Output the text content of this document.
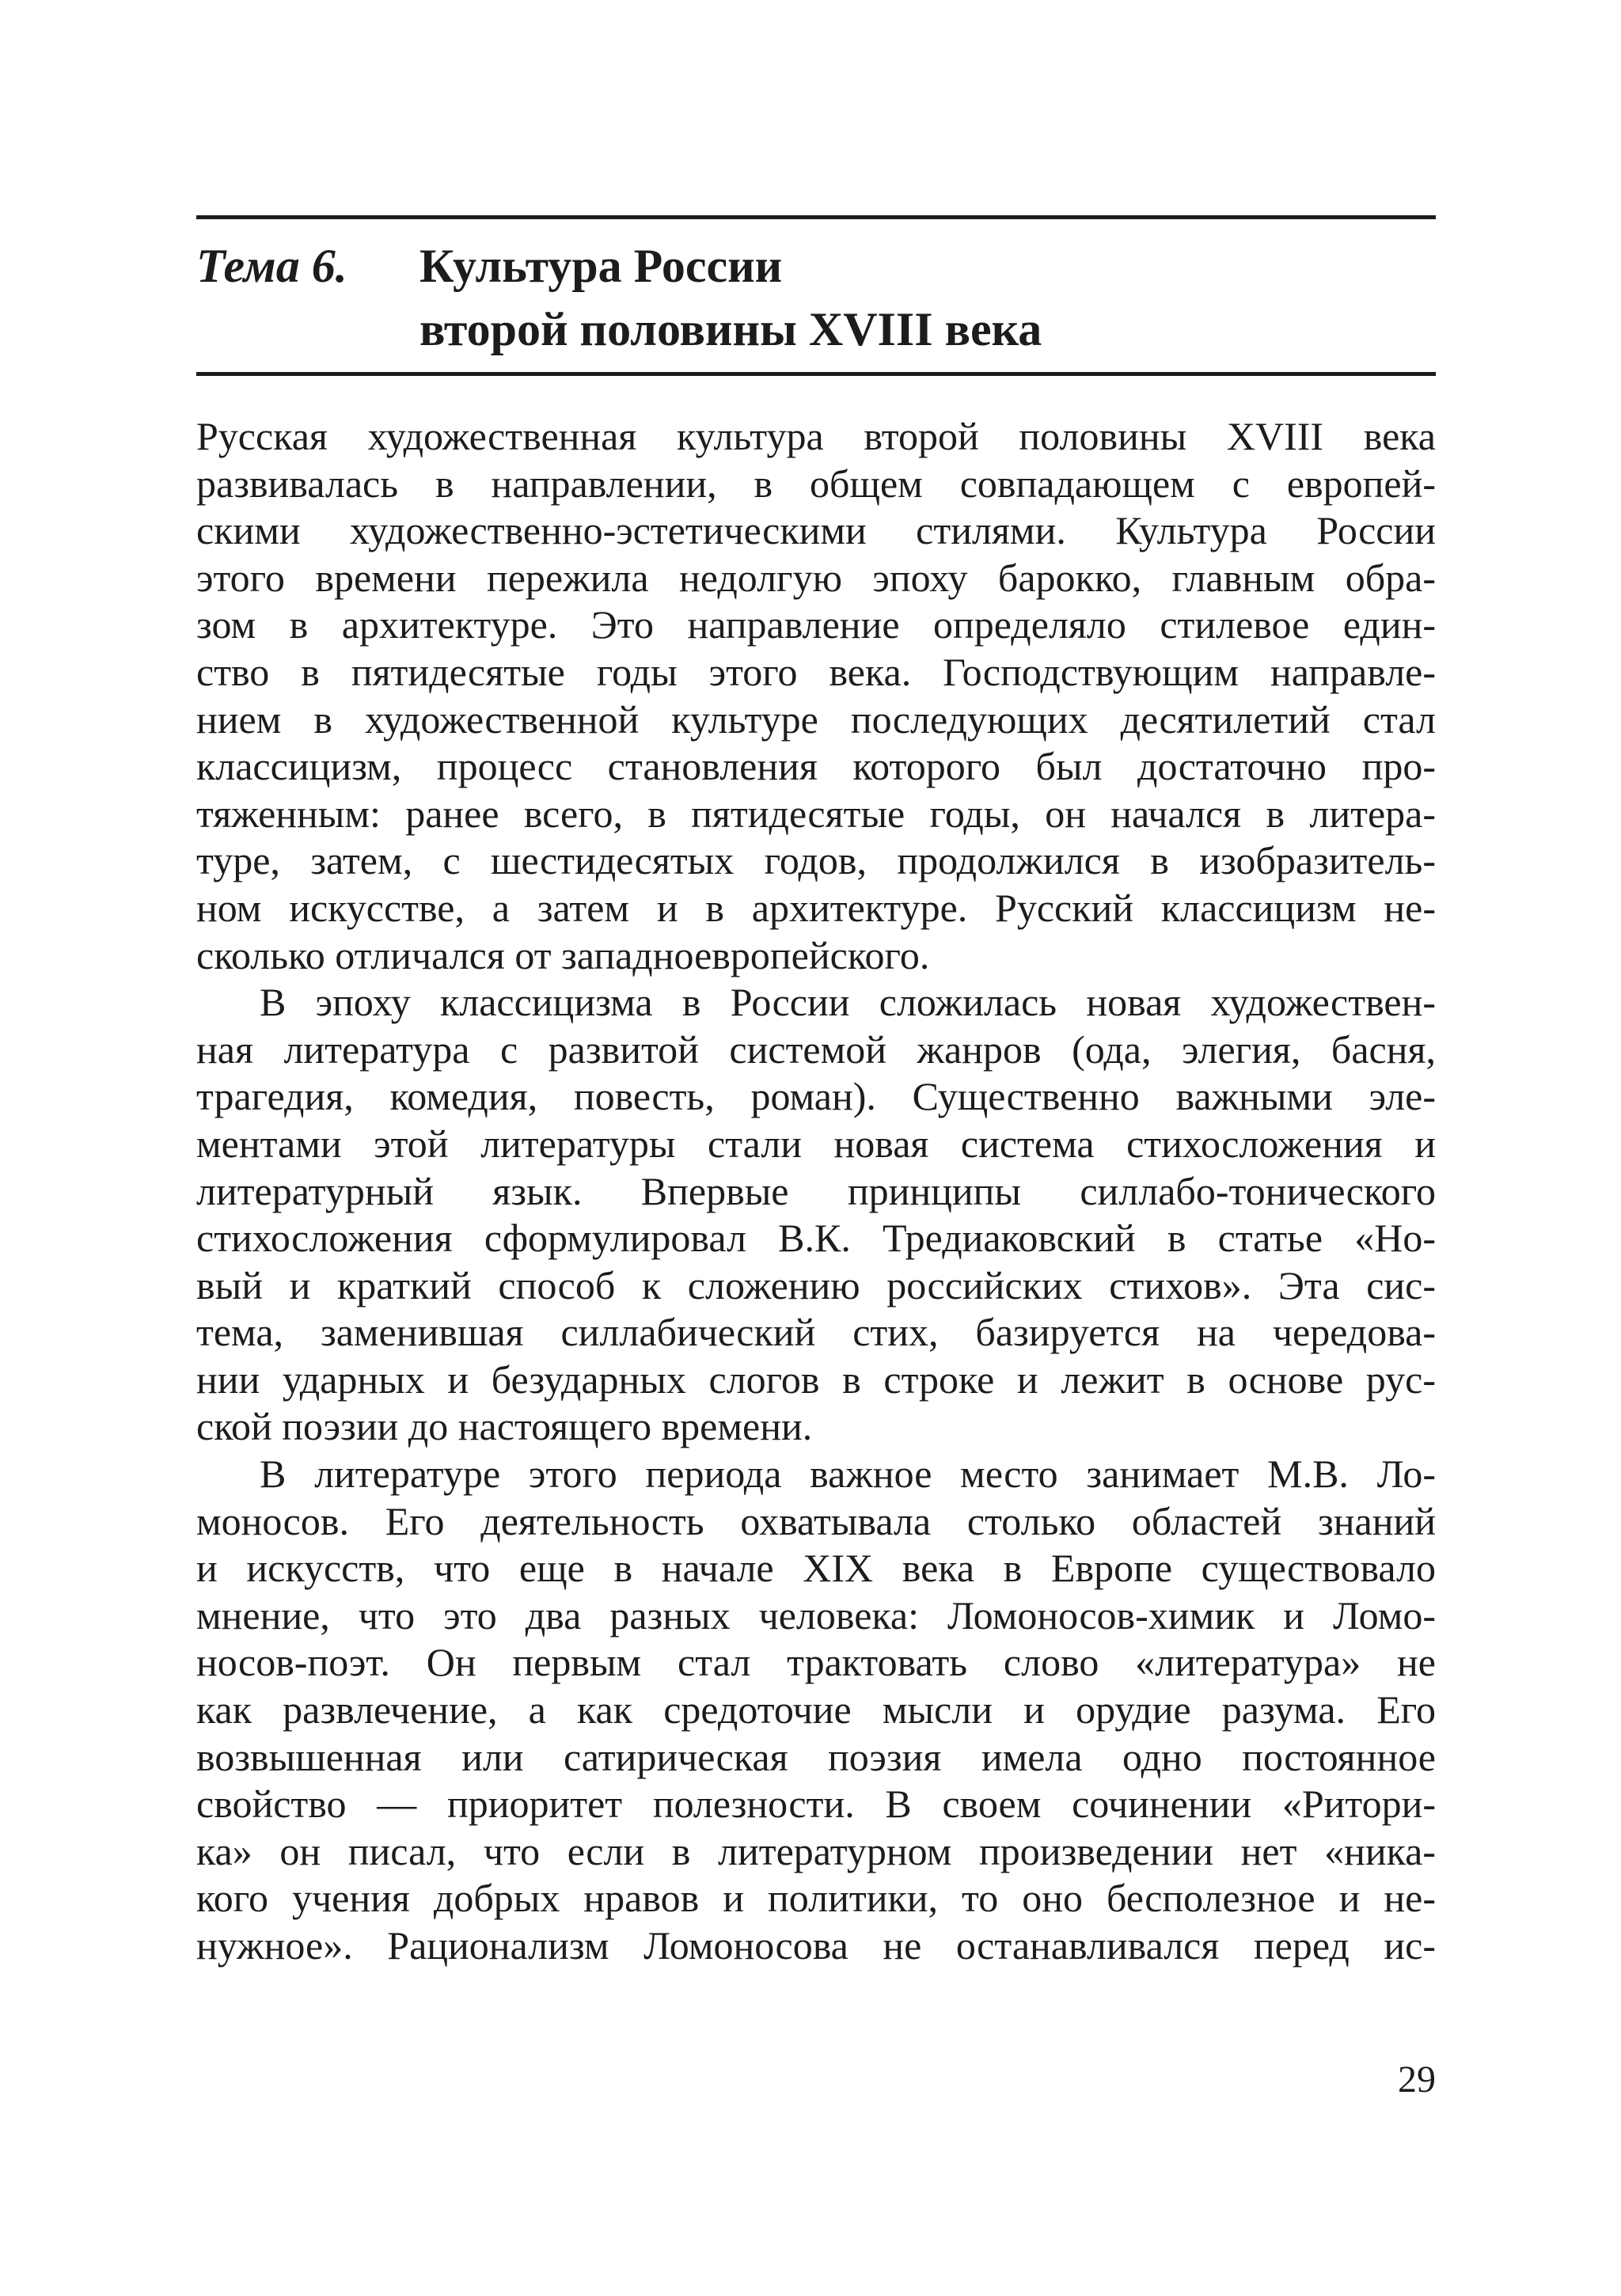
Тема 6. Культура России
второй половины XVIII века
Русская художественная культура второй половины XVIII века
развивалась в направлении, в общем совпадающем с европей-
скими художественно-эстетическими стилями. Культура России
этого времени пережила недолгую эпоху барокко, главным обра-
зом в архитектуре. Это направление определяло стилевое един-
ство в пятидесятые годы этого века. Господствующим направле-
нием в художественной культуре последующих десятилетий стал
классицизм, процесс становления которого был достаточно про-
тяженным: ранее всего, в пятидесятые годы, он начался в литера-
туре, затем, с шестидесятых годов, продолжился в изобразитель-
ном искусстве, а затем и в архитектуре. Русский классицизм не-
сколько отличался от западноевропейского.
В эпоху классицизма в России сложилась новая художествен-
ная литература с развитой системой жанров (ода, элегия, басня,
трагедия, комедия, повесть, роман). Существенно важными эле-
ментами этой литературы стали новая система стихосложения и
литературный язык. Впервые принципы силлабо-тонического
стихосложения сформулировал В.К. Тредиаковский в статье «Но-
вый и краткий способ к сложению российских стихов». Эта сис-
тема, заменившая силлабический стих, базируется на чередова-
нии ударных и безударных слогов в строке и лежит в основе рус-
ской поэзии до настоящего времени.
В литературе этого периода важное место занимает М.В. Ло-
моносов. Его деятельность охватывала столько областей знаний
и искусств, что еще в начале XIX века в Европе существовало
мнение, что это два разных человека: Ломоносов-химик и Ломо-
носов-поэт. Он первым стал трактовать слово «литература» не
как развлечение, а как средоточие мысли и орудие разума. Его
возвышенная или сатирическая поэзия имела одно постоянное
свойство — приоритет полезности. В своем сочинении «Ритори-
ка» он писал, что если в литературном произведении нет «ника-
кого учения добрых нравов и политики, то оно бесполезное и не-
нужное». Рационализм Ломоносова не останавливался перед ис-
29
